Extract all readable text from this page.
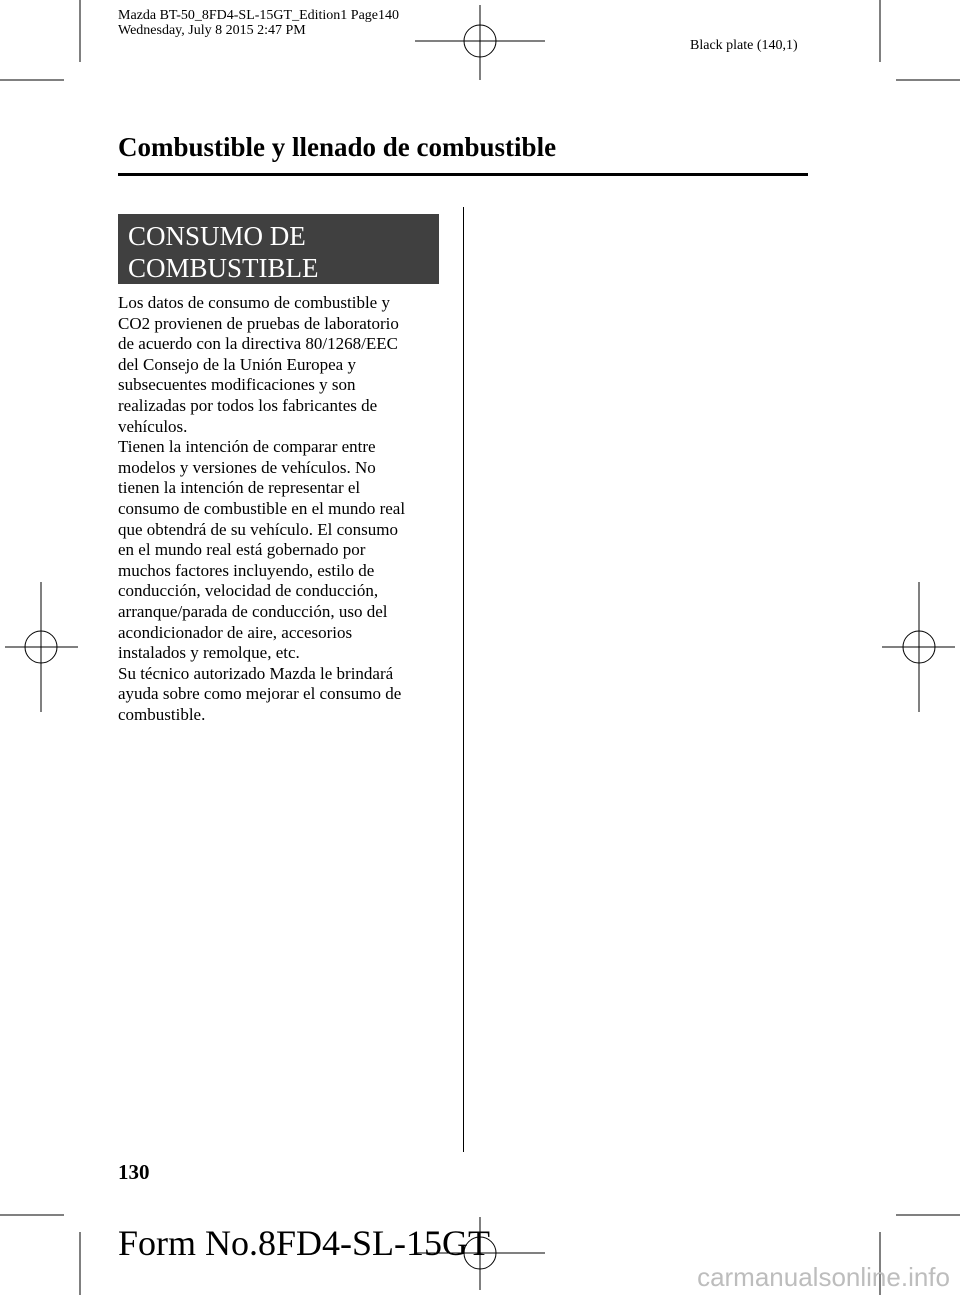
Mazda BT-50_8FD4-SL-15GT_Edition1 Page140
Wednesday, July 8 2015 2:47 PM
Black plate (140,1)
Combustible y llenado de combustible
CONSUMO DE
COMBUSTIBLE
Los datos de consumo de combustible y
CO2 provienen de pruebas de laboratorio
de acuerdo con la directiva 80/1268/EEC
del Consejo de la Unión Europea y
subsecuentes modificaciones y son
realizadas por todos los fabricantes de
vehículos.
Tienen la intención de comparar entre
modelos y versiones de vehículos. No
tienen la intención de representar el
consumo de combustible en el mundo real
que obtendrá de su vehículo. El consumo
en el mundo real está gobernado por
muchos factores incluyendo, estilo de
conducción, velocidad de conducción,
arranque/parada de conducción, uso del
acondicionador de aire, accesorios
instalados y remolque, etc.
Su técnico autorizado Mazda le brindará
ayuda sobre como mejorar el consumo de
combustible.
130
Form No.8FD4-SL-15GT
carmanualsonline.info
